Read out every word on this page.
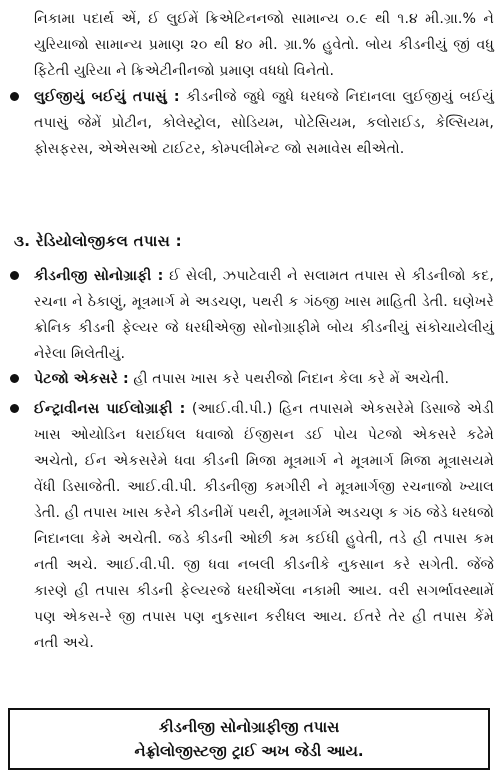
નિકામા પદાર્થ એં, ઈ લુઈમેં ક્રિએટિનનજો સામાન્ય ૦.૯ થી ૧.૪ મી.ગ્રા.% ને યુરિયાજો સામાન્ય પ્રમાણ ૨૦ થી ૪૦ મી. ગ્રા.% હુવેતો. બોય કીડનીયું જીં વધુ ફિટેતી યુરિયા ને ક્રિએટીનીનજો પ્રમાણ વધધો વિનેતો.

લુઈજીયું બઈયું તપાસું : કીડનીજે જુધે જુધે ધરધજે નિદાનલા લુઈજીયું બઈયું તપાસું જેમેં પ્રોટીન, કોલેસ્ટ્રોલ, સોડિયમ, પોટેસિયમ, કલોરાઈડ, કેલ્સિયમ, ફોસફરસ, એએસઓ ટાઈટર, કોમ્પલીમેન્ટ જો સમાવેસ થીએતો.
૩. રેડિયોલોજીકલ તપાસ :
કીડનીજી સોનોગ્રાફી : ઈ સેલી, ઝપાટેવારી ને સલામત તપાસ સે કીડનીજો કદ, રચના ને ઠેકાણું, મૂત્રમાર્ગ મે અડચણ, પથરી ક ગંઠજી ખાસ માહિતી ડેતી. ઘણેખરે ક્રોનિક કીડની ફેલ્યર જે ધરધીએજી સોનોગ્રાફીમે બોય કીડનીયું સંકોચાયેલીયું નેરેલા મિલેતીયું.
પેટજો એકસરે : હી તપાસ ખાસ કરે પથરીજો નિદાન કેલા કરે મેં અચેતી.
ઈન્ટ્રાવીનસ પાઈલોગ્રાફી : (આઈ.વી.પી.) હિન તપાસમે એકસરેમે ડિસાજે એડી ખાસ ઓયોડિન ધરાઈધલ ધવાજો ઈંજીસન ડઈ પોય પેટજો એકસરે કઢેમે અચેતો, ઈન એકસરેમે ધવા કીડની મિજા મૂત્રમાર્ગ ને મૂત્રમાર્ગ મિજા મૂત્રાસયમે વેંધી ડિસાજેતી. આઈ.વી.પી. કીડનીજી કમગીરી ને મૂત્રમાર્ગજી રચનાજો ખ્યાલ ડેતી. હી તપાસ ખાસ કરેને કીડનીમેં પથરી, મૂત્રમાર્ગમે અડચણ ક ગંઠ જેડે ધરધજો નિદાનલા કેમે અચેતી. જડે કીડની ઓછી કમ કઈધી હુવેતી, તડે હી તપાસ કમ નતી અચે. આઈ.વી.પી. જી ધવા નબલી કીડનીકે નુકસાન કરે સગેતી. જેંજે કારણે હી તપાસ કીડની ફેલ્યરજે ધરધીએંલા નકામી આય. વરી સગર્ભાવસ્થામેં પણ એકસ-રે જી તપાસ પણ નુકસાન કરીધલ આય. ઈતરે તેર હી તપાસ કેંમે નતી અચે.
કીડનીજી સોનોગ્રાફીજી તપાસ
નેફ્રોલોજીસ્ટજી ટ્રાઈ અખ જેડી આય.
